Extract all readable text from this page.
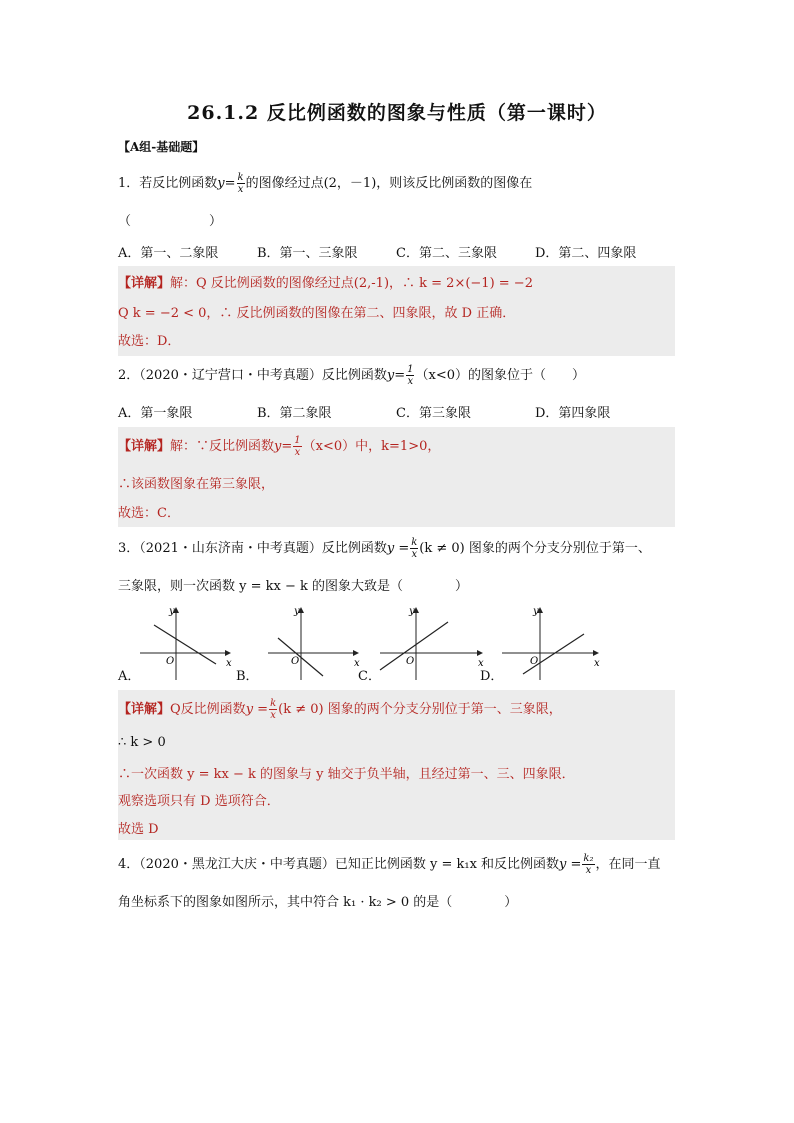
26.1.2 反比例函数的图象与性质（第一课时）
【A组-基础题】
1．若反比例函数$y= \frac{k}{x}$ 的图像经过点(2，－1)，则该反比例函数的图像在
（　　　　　　）
A．第一、二象限	B．第一、三象限	C．第二、三象限	D．第二、四象限
【详解】解：Q 反比例函数的图像经过点(2,-1)，∴ k = 2×(−1) = −2
Q k = −2 < 0，∴ 反比例函数的图像在第二、四象限，故 D 正确．
故选：D．
2．（2020・辽宁营口・中考真题）反比例函数$y= \frac{1}{x} (x<0)$的图象位于（　　）
A．第一象限	B．第二象限	C．第三象限	D．第四象限
【详解】解：∵反比例函数$y= \frac{1}{x} (x<0)$中，k=1>0，
∴该函数图象在第三象限，
故选：C．
3．（2021・山东济南・中考真题）反比例函数$y = \frac{k}{x} (k \ne 0)$ 图象的两个分支分别位于第一、
三象限，则一次函数 y = kx − k 的图象大致是（　　　　）
x
y
O	x
y
O	x
y
O	x
y
O
A．	B．	C．	D．
【详解】Q反比例函数$y = \frac{k}{x} (k \ne 0)$ 图象的两个分支分别位于第一、三象限，
∴ k > 0
∴一次函数 y = kx − k 的图象与 y 轴交于负半轴，且经过第一、三、四象限．
观察选项只有 D 选项符合．
故选 D
4．（2020・黑龙江大庆・中考真题）已知正比例函数 y = k₁x 和反比例函数$y = \frac{\text{k₂}}{x}$ ，在同一直
角坐标系下的图象如图所示，其中符合 k₁ · k₂ > 0 的是（　　　　）
